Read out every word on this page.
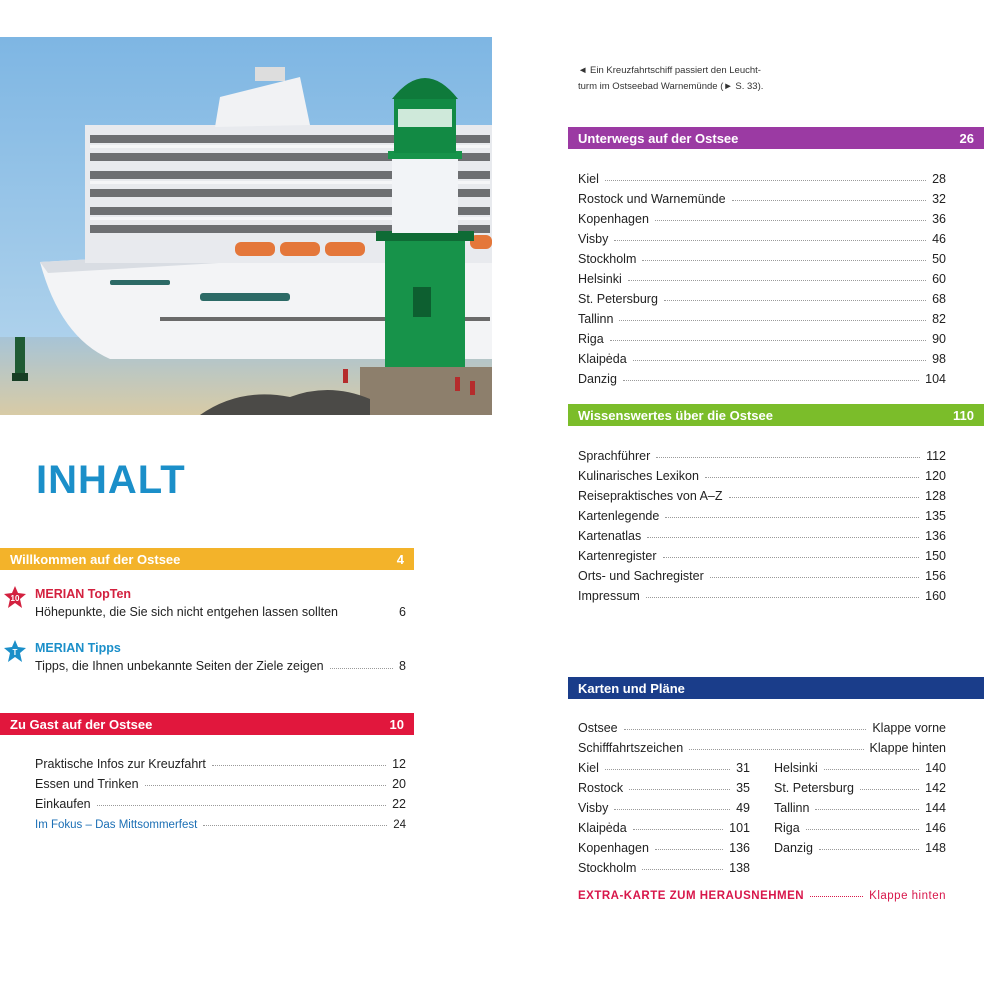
◄ Ein Kreuzfahrtschiff passiert den Leucht-
turm im Ostseebad Warnemünde (► S. 33).
INHALT
Willkommen auf der Ostsee	4
10 MERIAN TopTen
Höhepunkte, die Sie sich nicht entgehen lassen sollten	6
T MERIAN Tipps
Tipps, die Ihnen unbekannte Seiten der Ziele zeigen	8
Zu Gast auf der Ostsee	10
Praktische Infos zur Kreuzfahrt	12
Essen und Trinken	20
Einkaufen	22
Im Fokus – Das Mittsommerfest	24
Unterwegs auf der Ostsee	26
Kiel	28
Rostock und Warnemünde	32
Kopenhagen	36
Visby	46
Stockholm	50
Helsinki	60
St. Petersburg	68
Tallinn	82
Riga	90
Klaipėda	98
Danzig	104
Wissenswertes über die Ostsee	110
Sprachführer	112
Kulinarisches Lexikon	120
Reisepraktisches von A–Z	128
Kartenlegende	135
Kartenatlas	136
Kartenregister	150
Orts- und Sachregister	156
Impressum	160
Karten und Pläne
Ostsee	Klappe vorne
Schifffahrtszeichen	Klappe hinten
Kiel	31
Rostock	35
Visby	49
Klaipėda	101
Kopenhagen	136
Stockholm	138
Helsinki	140
St. Petersburg	142
Tallinn	144
Riga	146
Danzig	148
EXTRA-KARTE ZUM HERAUSNEHMEN	Klappe hinten
